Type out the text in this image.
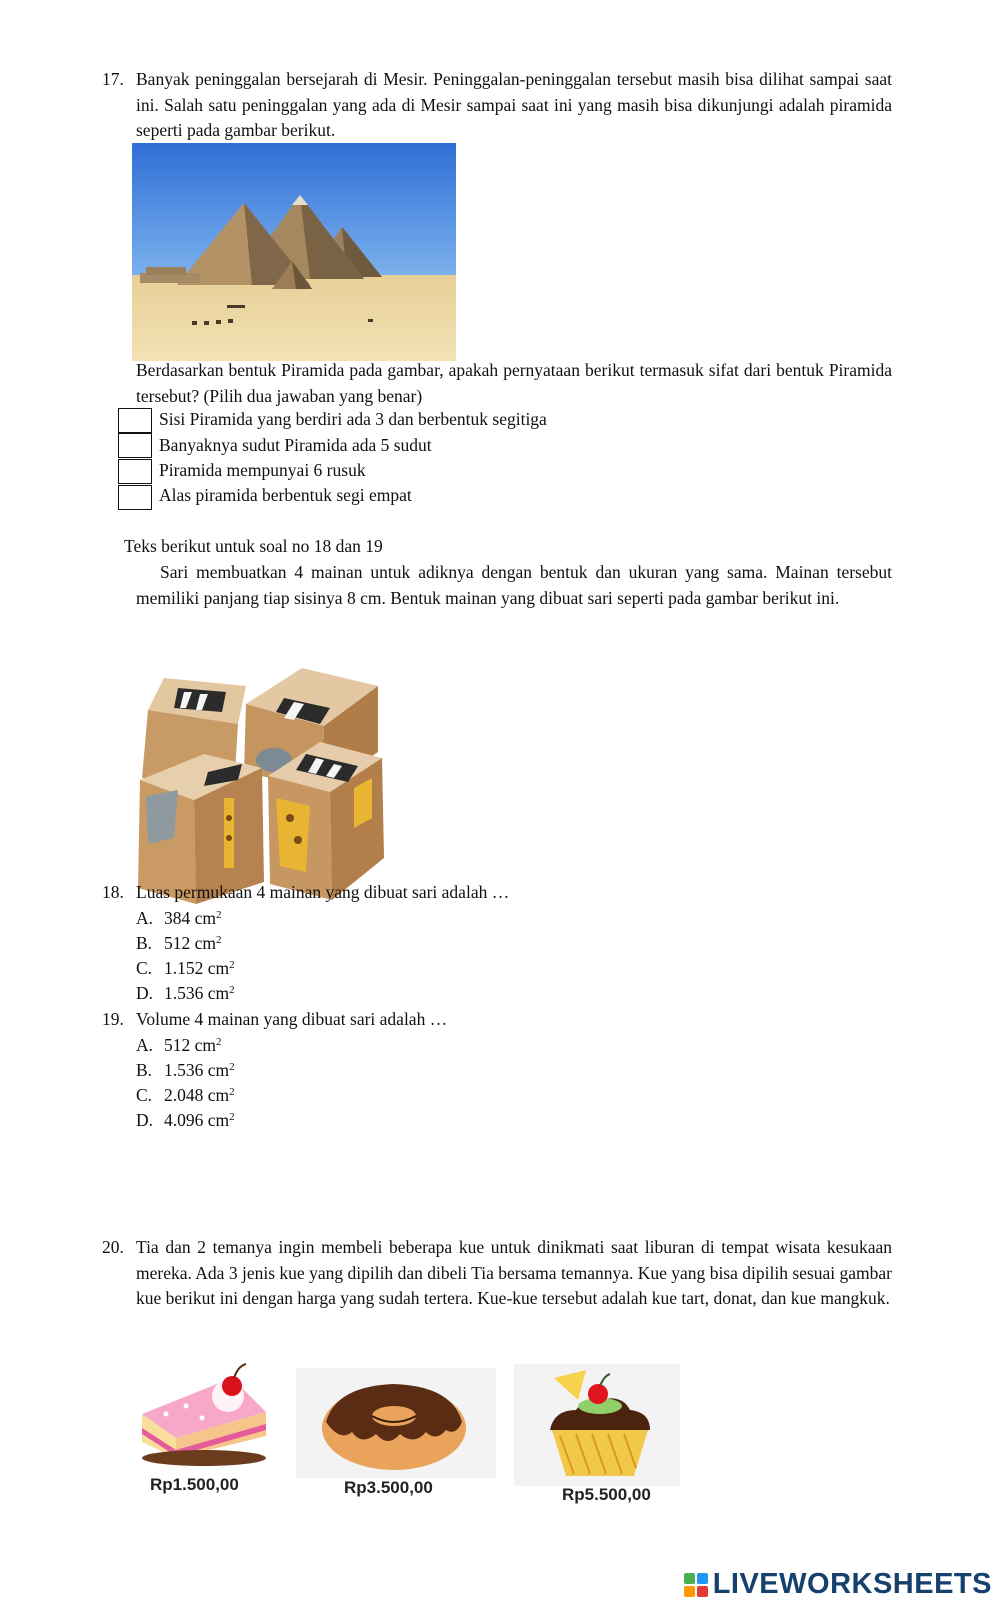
17. Banyak peninggalan bersejarah di Mesir. Peninggalan-peninggalan tersebut masih bisa dilihat sampai saat ini. Salah satu peninggalan yang ada di Mesir sampai saat ini yang masih bisa dikunjungi adalah piramida seperti pada gambar berikut.
Berdasarkan bentuk Piramida pada gambar, apakah pernyataan berikut termasuk sifat dari bentuk Piramida tersebut? (Pilih dua jawaban yang benar)
Sisi Piramida yang berdiri ada 3 dan berbentuk segitiga
Banyaknya sudut Piramida ada 5 sudut
Piramida mempunyai 6 rusuk
Alas piramida berbentuk segi empat
Teks berikut untuk soal no 18 dan 19
Sari membuatkan 4 mainan untuk adiknya dengan bentuk dan ukuran yang sama. Mainan tersebut memiliki panjang tiap sisinya 8 cm. Bentuk mainan yang dibuat sari seperti pada gambar berikut ini.
18. Luas permukaan 4 mainan yang dibuat sari adalah …
A. 384 $cm^2$
B. 512 $cm^2$
C. 1.152 $cm^2$
D. 1.536 $cm^2$
19. Volume 4 mainan yang dibuat sari adalah …
A. 512 $cm^2$
B. 1.536 $cm^2$
C. 2.048 $cm^2$
D. 4.096 $cm^2$
20. Tia dan 2 temanya ingin membeli beberapa kue untuk dinikmati saat liburan di tempat wisata kesukaan mereka. Ada 3 jenis kue yang dipilih dan dibeli Tia bersama temannya. Kue yang bisa dipilih sesuai gambar kue berikut ini dengan harga yang sudah tertera. Kue-kue tersebut adalah kue tart, donat, dan kue mangkuk.
Rp1.500,00	Rp3.500,00	Rp5.500,00
LIVEWORKSHEETS
